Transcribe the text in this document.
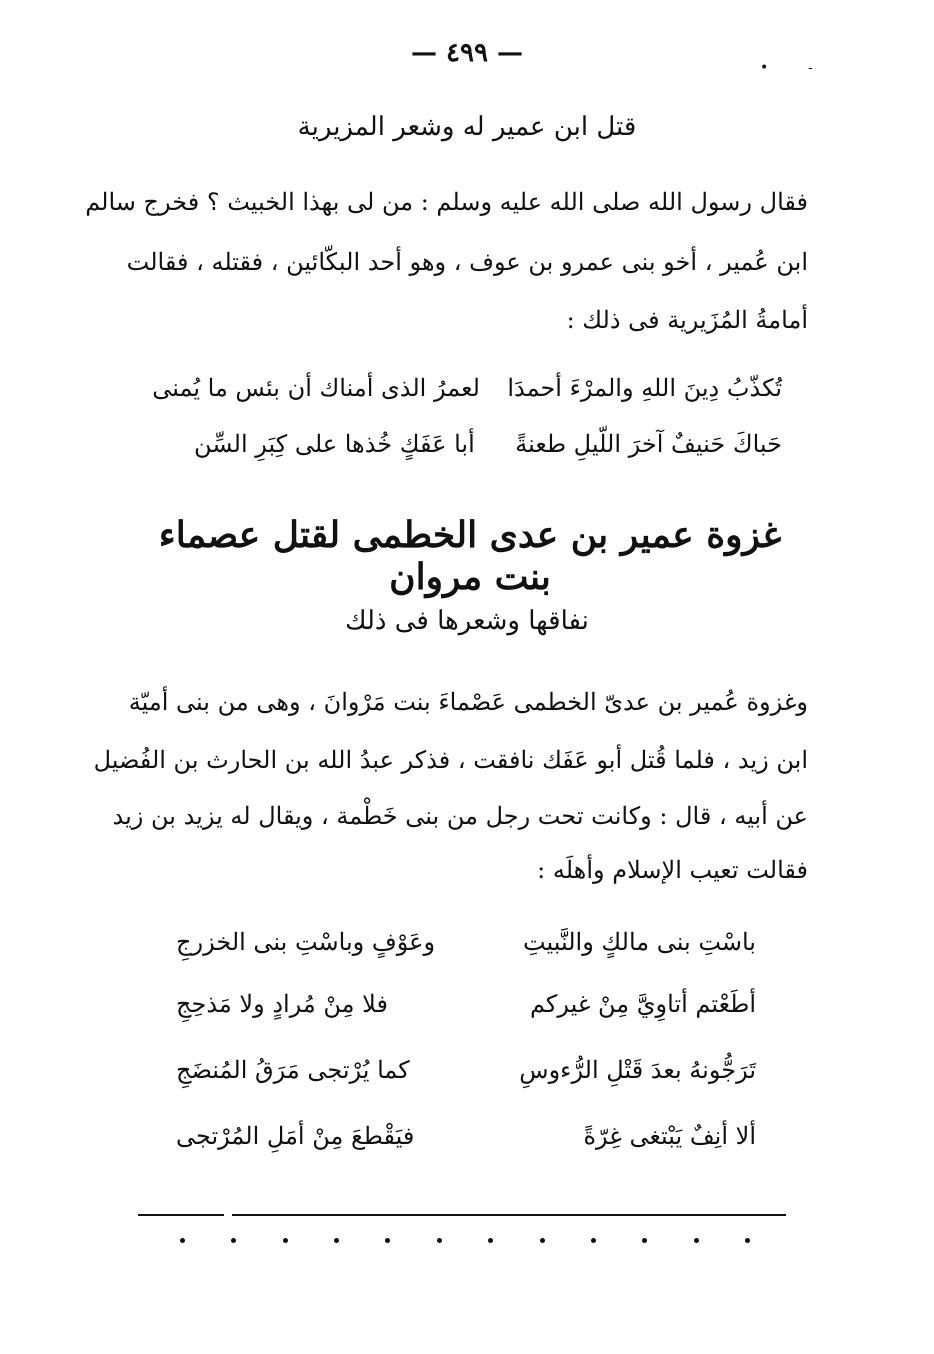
— ٤٩٩ —	•	-
قتل ابن عمير له وشعر المزيرية
فقال رسول الله صلى الله عليه وسلم : من لى بهذا الخبيث ؟ فخرج سالم
ابن عُمير ، أخو بنى عمرو بن عوف ، وهو أحد البكّائين ، فقتله ، فقالت
أمامةُ المُزَيرية فى ذلك :
تُكذّبُ دِينَ اللهِ والمرْءَ أحمدَا
لعمرُ الذى أمناك أن بئس ما يُمنى
حَباكَ حَنيفٌ آخرَ اللّيلِ طعنةً
أبا عَفَكٍ خُذها على كِبَرِ السِّن
غزوة عمير بن عدى الخطمى لقتل عصماء بنت مروان
نفاقها وشعرها فى ذلك
وغزوة عُمير بن عدىّ الخطمى عَصْماءَ بنت مَرْوانَ ، وهى من بنى أميّة
ابن زيد ، فلما قُتل أبو عَفَك نافقت ، فذكر عبدُ الله بن الحارث بن الفُضيل
عن أبيه ، قال : وكانت تحت رجل من بنى خَطْمة ، ويقال له يزيد بن زيد
فقالت تعيب الإسلام وأهلَه :
باسْتِ بنى مالكٍ والنَّبيتِ
وعَوْفٍ وباسْتِ بنى الخزرجِ
أطَعْتم أتاوِيَّ مِنْ غيركم
فلا مِنْ مُرادٍ ولا مَذحِجِ
تَرَجُّونهُ بعدَ قَتْلِ الرُّءوسِ
كما يُرْتجى مَرَقُ المُنضَجِ
ألا أنِفٌ يَبْتغى غِرّةً
فيَقْطعَ مِنْ أمَلِ المُرْتجى
